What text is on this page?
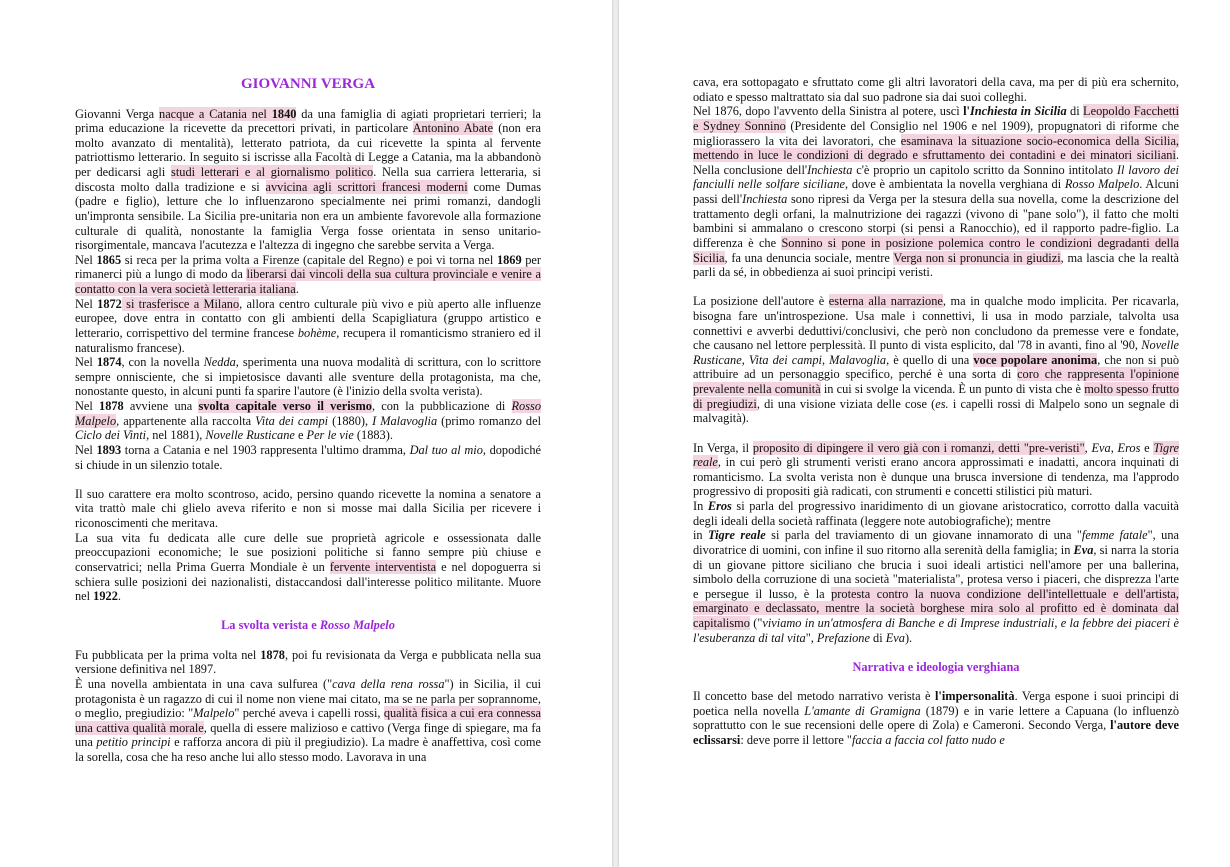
GIOVANNI VERGA

Giovanni Verga nacque a Catania nel 1840 da una famiglia di agiati proprietari terrieri; la prima educazione la ricevette da precettori privati, in particolare Antonino Abate (non era molto avanzato di mentalità), letterato patriota, da cui ricevette la spinta al fervente patriottismo letterario. In seguito si iscrisse alla Facoltà di Legge a Catania, ma la abbandonò per dedicarsi agli studi letterari e al giornalismo politico. Nella sua carriera letteraria, si discosta molto dalla tradizione e si avvicina agli scrittori francesi moderni come Dumas (padre e figlio), letture che lo influenzarono specialmente nei primi romanzi, dandogli un'impronta sensibile. La Sicilia pre-unitaria non era un ambiente favorevole alla formazione culturale di qualità, nonostante la famiglia Verga fosse orientata in senso unitario-risorgimentale, mancava l'acutezza e l'altezza di ingegno che sarebbe servita a Verga.

Nel 1865 si reca per la prima volta a Firenze (capitale del Regno) e poi vi torna nel 1869 per rimanerci più a lungo di modo da liberarsi dai vincoli della sua cultura provinciale e venire a contatto con la vera società letteraria italiana.

Nel 1872 si trasferisce a Milano, allora centro culturale più vivo e più aperto alle influenze europee, dove entra in contatto con gli ambienti della Scapigliatura (gruppo artistico e letterario, corrispettivo del termine francese bohème, recupera il romanticismo straniero ed il naturalismo francese).

Nel 1874, con la novella Nedda, sperimenta una nuova modalità di scrittura, con lo scrittore sempre onnisciente, che si impietosisce davanti alle sventure della protagonista, ma che, nonostante questo, in alcuni punti fa sparire l'autore (è l'inizio della svolta verista).

Nel 1878 avviene una svolta capitale verso il verismo, con la pubblicazione di Rosso Malpelo, appartenente alla raccolta Vita dei campi (1880), I Malavoglia (primo romanzo del Ciclo dei Vinti, nel 1881), Novelle Rusticane e Per le vie (1883).

Nel 1893 torna a Catania e nel 1903 rappresenta l'ultimo dramma, Dal tuo al mio, dopodiché si chiude in un silenzio totale.

Il suo carattere era molto scontroso, acido, persino quando ricevette la nomina a senatore a vita trattò male chi glielo aveva riferito e non si mosse mai dalla Sicilia per ricevere i riconoscimenti che meritava.

La sua vita fu dedicata alle cure delle sue proprietà agricole e ossessionata dalle preoccupazioni economiche; le sue posizioni politiche si fanno sempre più chiuse e conservatrici; nella Prima Guerra Mondiale è un fervente interventista e nel dopoguerra si schiera sulle posizioni dei nazionalisti, distaccandosi dall'interesse politico militante. Muore nel 1922.

La svolta verista e Rosso Malpelo

Fu pubblicata per la prima volta nel 1878, poi fu revisionata da Verga e pubblicata nella sua versione definitiva nel 1897.

È una novella ambientata in una cava sulfurea ("cava della rena rossa") in Sicilia, il cui protagonista è un ragazzo di cui il nome non viene mai citato, ma se ne parla per soprannome, o meglio, pregiudizio: "Malpelo" perché aveva i capelli rossi, qualità fisica a cui era connessa una cattiva qualità morale, quella di essere malizioso e cattivo (Verga finge di spiegare, ma fa una petitio principi e rafforza ancora di più il pregiudizio). La madre è anaffettiva, così come la sorella, cosa che ha reso anche lui allo stesso modo. Lavorava in una

cava, era sottopagato e sfruttato come gli altri lavoratori della cava, ma per di più era schernito, odiato e spesso maltrattato sia dal suo padrone sia dai suoi colleghi.

Nel 1876, dopo l'avvento della Sinistra al potere, uscì l'Inchiesta in Sicilia di Leopoldo Facchetti e Sydney Sonnino (Presidente del Consiglio nel 1906 e nel 1909), propugnatori di riforme che migliorassero la vita dei lavoratori, che esaminava la situazione socio-economica della Sicilia, mettendo in luce le condizioni di degrado e sfruttamento dei contadini e dei minatori siciliani. Nella conclusione dell'Inchiesta c'è proprio un capitolo scritto da Sonnino intitolato Il lavoro dei fanciulli nelle solfare siciliane, dove è ambientata la novella verghiana di Rosso Malpelo. Alcuni passi dell'Inchiesta sono ripresi da Verga per la stesura della sua novella, come la descrizione del trattamento degli orfani, la malnutrizione dei ragazzi (vivono di "pane solo"), il fatto che molti bambini si ammalano o crescono storpi (si pensi a Ranocchio), ed il rapporto padre-figlio. La differenza è che Sonnino si pone in posizione polemica contro le condizioni degradanti della Sicilia, fa una denuncia sociale, mentre Verga non si pronuncia in giudizi, ma lascia che la realtà parli da sé, in obbedienza ai suoi principi veristi.

La posizione dell'autore è esterna alla narrazione, ma in qualche modo implicita. Per ricavarla, bisogna fare un'introspezione. Usa male i connettivi, li usa in modo parziale, talvolta usa connettivi e avverbi deduttivi/conclusivi, che però non concludono da premesse vere e fondate, che causano nel lettore perplessità. Il punto di vista esplicito, dal '78 in avanti, fino al '90, Novelle Rusticane, Vita dei campi, Malavoglia, è quello di una voce popolare anonima, che non si può attribuire ad un personaggio specifico, perché è una sorta di coro che rappresenta l'opinione prevalente nella comunità in cui si svolge la vicenda. È un punto di vista che è molto spesso frutto di pregiudizi, di una visione viziata delle cose (es. i capelli rossi di Malpelo sono un segnale di malvagità).

In Verga, il proposito di dipingere il vero già con i romanzi, detti "pre-veristi", Eva, Eros e Tigre reale, in cui però gli strumenti veristi erano ancora approssimati e inadatti, ancora inquinati di romanticismo. La svolta verista non è dunque una brusca inversione di tendenza, ma l'approdo progressivo di propositi già radicati, con strumenti e concetti stilistici più maturi.

In Eros si parla del progressivo inaridimento di un giovane aristocratico, corrotto dalla vacuità degli ideali della società raffinata (leggere note autobiografiche); mentre

in Tigre reale si parla del traviamento di un giovane innamorato di una "femme fatale", una divoratrice di uomini, con infine il suo ritorno alla serenità della famiglia; in Eva, si narra la storia di un giovane pittore siciliano che brucia i suoi ideali artistici nell'amore per una ballerina, simbolo della corruzione di una società "materialista", protesa verso i piaceri, che disprezza l'arte e persegue il lusso, è la protesta contro la nuova condizione dell'intellettuale e dell'artista, emarginato e declassato, mentre la società borghese mira solo al profitto ed è dominata dal capitalismo ("viviamo in un'atmosfera di Banche e di Imprese industriali, e la febbre dei piaceri è l'esuberanza di tal vita", Prefazione di Eva).

Narrativa e ideologia verghiana

Il concetto base del metodo narrativo verista è l'impersonalità. Verga espone i suoi principi di poetica nella novella L'amante di Gramigna (1879) e in varie lettere a Capuana (lo influenzò soprattutto con le sue recensioni delle opere di Zola) e Cameroni. Secondo Verga, l'autore deve eclissarsi: deve porre il lettore "faccia a faccia col fatto nudo e
